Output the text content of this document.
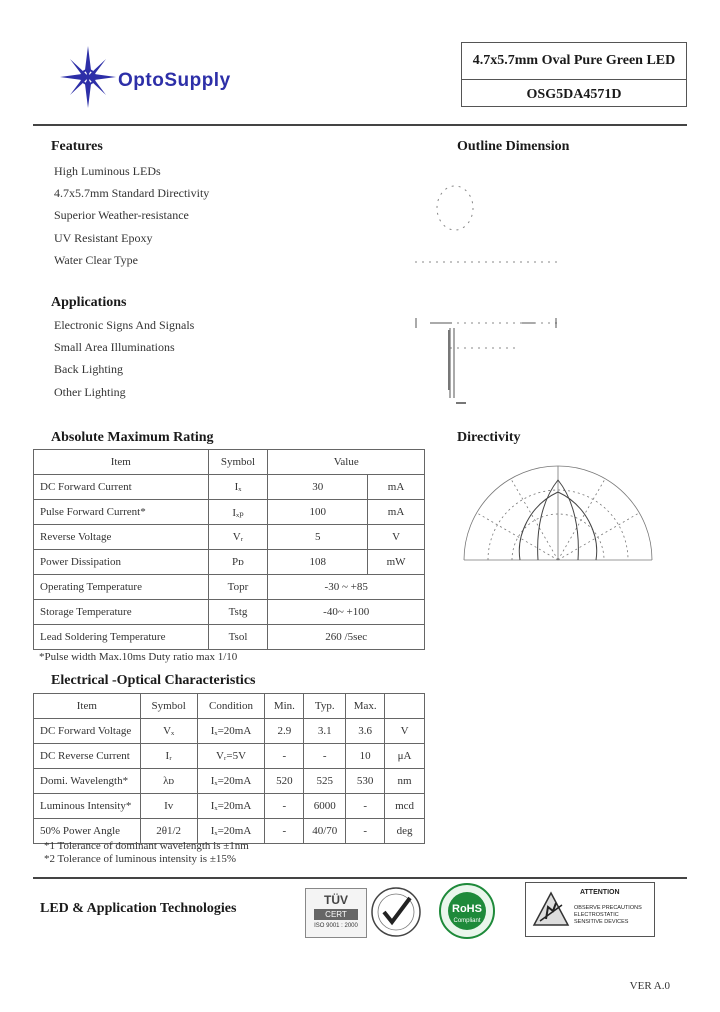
OptoSupply
4.7x5.7mm Oval Pure Green LED
OSG5DA4571D
Features
High Luminous LEDs
4.7x5.7mm Standard Directivity
Superior Weather-resistance
UV Resistant Epoxy
Water Clear Type
Applications
Electronic Signs And Signals
Small Area Illuminations
Back Lighting
Other Lighting
Outline Dimension
Directivity
Absolute Maximum Rating
Item	Symbol	Value	
DC Forward Current	Iₓ	30	mA
Pulse Forward Current*	Iₓₚ	100	mA
Reverse Voltage	Vᵣ	5	V
Power Dissipation	Pᴅ	108	mW
Operating Temperature	Topr	-30 ~ +85	
Storage Temperature	Tstg	-40~ +100	
Lead Soldering Temperature	Tsol	260 /5sec	
*Pulse width Max.10ms Duty ratio max 1/10
Electrical -Optical Characteristics
Item	Symbol	Condition	Min.	Typ.	Max.	
DC Forward Voltage	Vₓ	Iₓ=20mA	2.9	3.1	3.6	V
DC Reverse Current	Iᵣ	Vᵣ=5V	-	-	10	μA
Domi. Wavelength*	λᴅ	Iₓ=20mA	520	525	530	nm
Luminous Intensity*	Iv	Iₓ=20mA	-	6000	-	mcd
50% Power Angle	2θ1/2	Iₓ=20mA	-	40/70	-	deg
*1 Tolerance of dominant wavelength is ±1nm
*2 Tolerance of luminous intensity is ±15%
LED & Application Technologies
TÜV
CERT
ISO 9001 : 2000
RoHS
Compliant
ATTENTION
OBSERVE PRECAUTIONS
ELECTROSTATIC
SENSITIVE DEVICES
VER A.0
